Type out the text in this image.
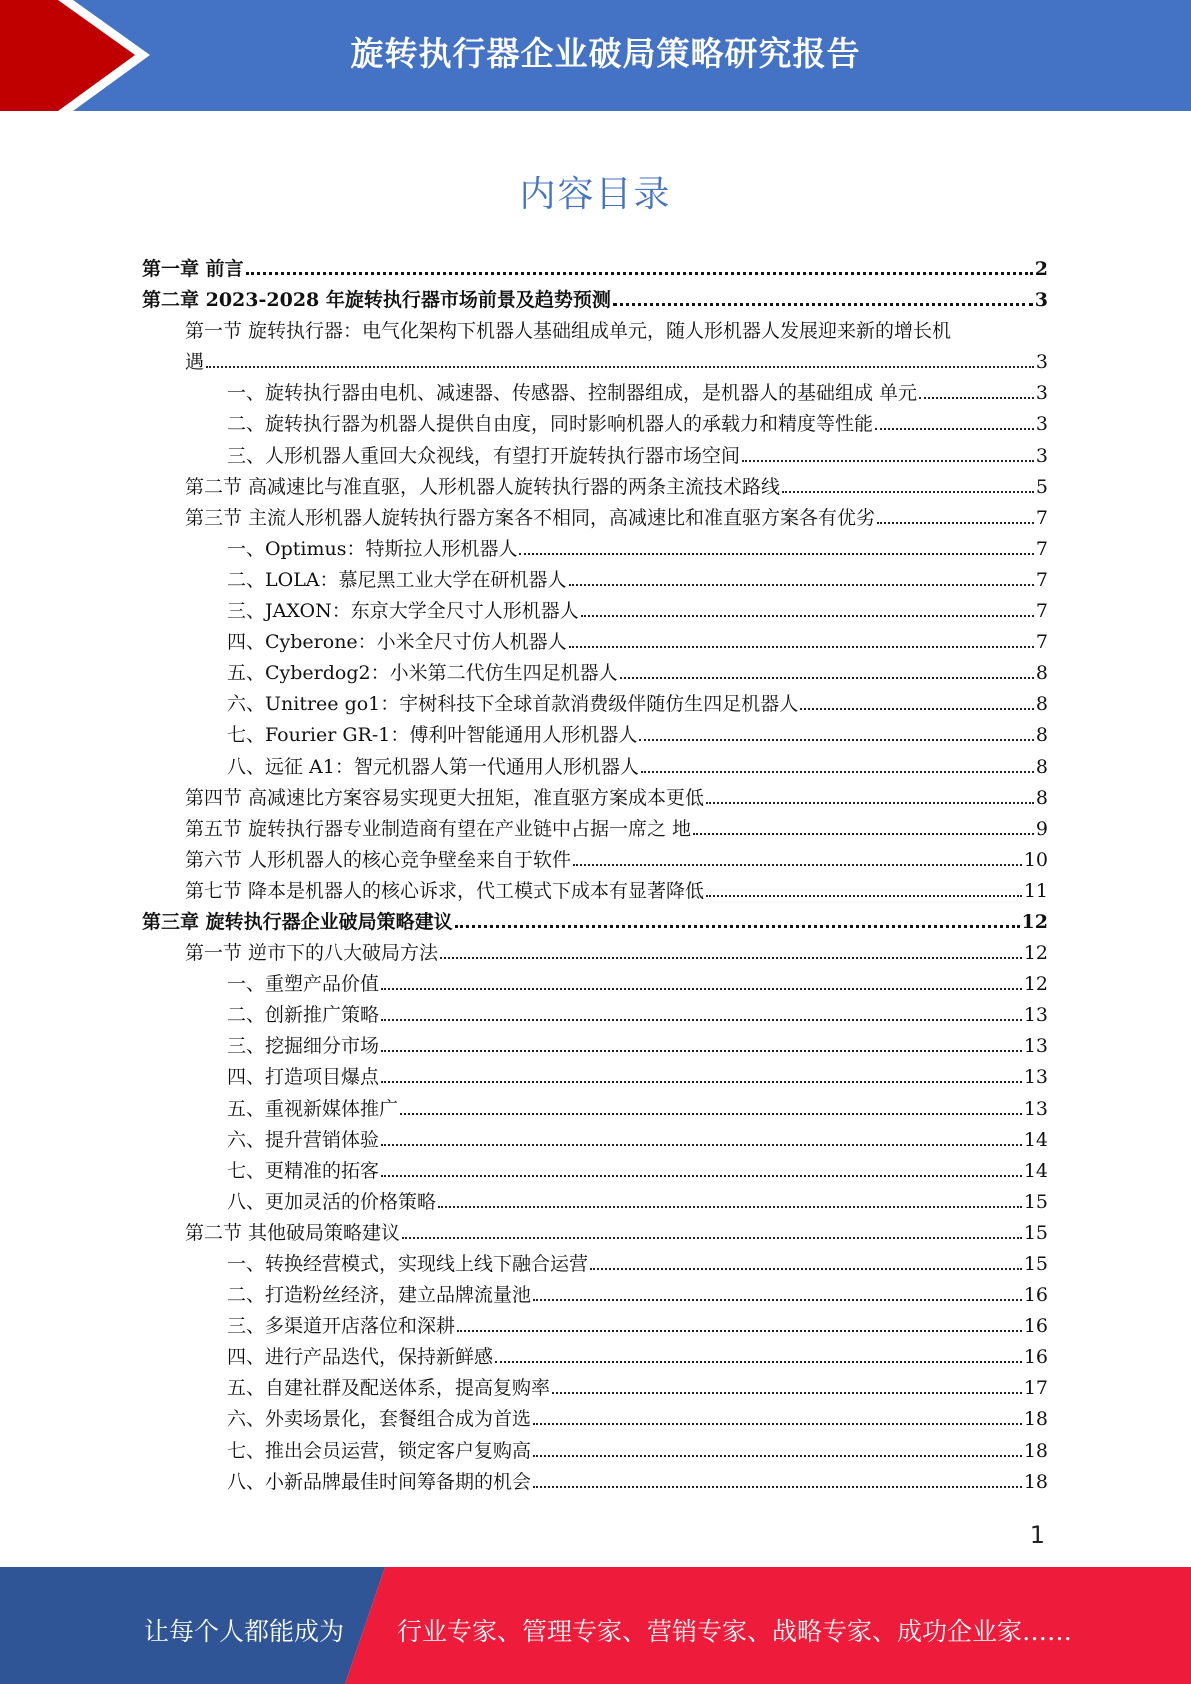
旋转执行器企业破局策略研究报告
内容目录
第一章 前言	2
第二章 2023-2028 年旋转执行器市场前景及趋势预测	3
第一节 旋转执行器：电气化架构下机器人基础组成单元，随人形机器人发展迎来新的增长机
遇	3
一、旋转执行器由电机、减速器、传感器、控制器组成，是机器人的基础组成 单元	3
二、旋转执行器为机器人提供自由度，同时影响机器人的承载力和精度等性能	3
三、人形机器人重回大众视线，有望打开旋转执行器市场空间	3
第二节 高减速比与准直驱，人形机器人旋转执行器的两条主流技术路线	5
第三节 主流人形机器人旋转执行器方案各不相同，高减速比和准直驱方案各有优劣	7
一、Optimus：特斯拉人形机器人	7
二、LOLA：慕尼黑工业大学在研机器人	7
三、JAXON：东京大学全尺寸人形机器人	7
四、Cyberone：小米全尺寸仿人机器人	7
五、Cyberdog2：小米第二代仿生四足机器人	8
六、Unitree go1：宇树科技下全球首款消费级伴随仿生四足机器人	8
七、Fourier GR-1：傅利叶智能通用人形机器人	8
八、远征 A1：智元机器人第一代通用人形机器人	8
第四节 高减速比方案容易实现更大扭矩，准直驱方案成本更低	8
第五节 旋转执行器专业制造商有望在产业链中占据一席之 地	9
第六节 人形机器人的核心竞争壁垒来自于软件	10
第七节 降本是机器人的核心诉求，代工模式下成本有显著降低	11
第三章 旋转执行器企业破局策略建议	12
第一节 逆市下的八大破局方法	12
一、重塑产品价值	12
二、创新推广策略	13
三、挖掘细分市场	13
四、打造项目爆点	13
五、重视新媒体推广	13
六、提升营销体验	14
七、更精准的拓客	14
八、更加灵活的价格策略	15
第二节 其他破局策略建议	15
一、转换经营模式，实现线上线下融合运营	15
二、打造粉丝经济，建立品牌流量池	16
三、多渠道开店落位和深耕	16
四、进行产品迭代，保持新鲜感	16
五、自建社群及配送体系，提高复购率	17
六、外卖场景化，套餐组合成为首选	18
七、推出会员运营，锁定客户复购高	18
八、小新品牌最佳时间筹备期的机会	18
1
让每个人都能成为 行业专家、管理专家、营销专家、战略专家、成功企业家……
